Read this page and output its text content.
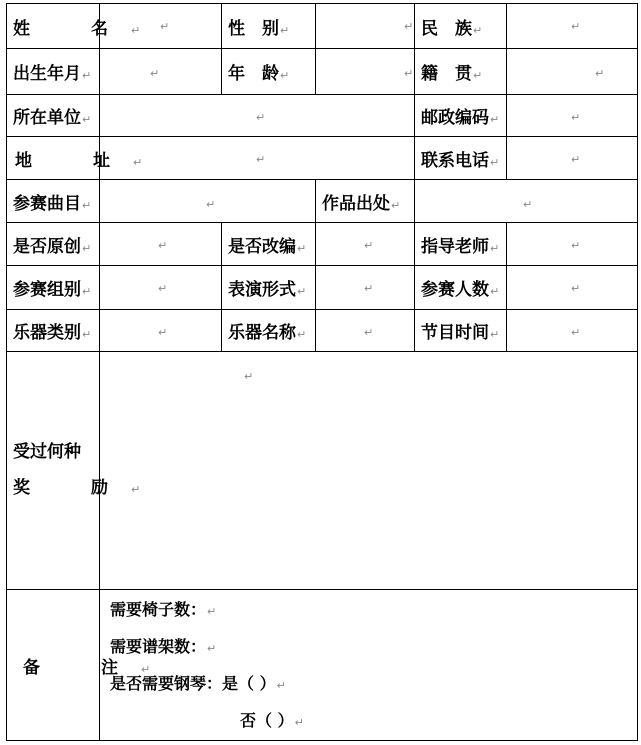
姓　名↵	↵	性　别↵	↵	民　族↵	↵

出生年月↵	↵	年　龄↵	↵	籍　贯↵	↵

所在单位↵	↵			邮政编码↵	↵

地　址↵	↵			联系电话↵	↵

参赛曲目↵	↵		作品出处↵	↵	

是否原创↵	↵	是否改编↵	↵	指导老师↵	↵

参赛组别↵	↵	表演形式↵	↵	参赛人数↵	↵

乐器类别↵	↵	乐器名称↵	↵	节目时间↵	↵

受过何种
奖　励↵	↵				

备　注↵	需要椅子数：↵
需要谱架数：↵
是否需要钢琴：是（ ）↵
否（ ）↵				
